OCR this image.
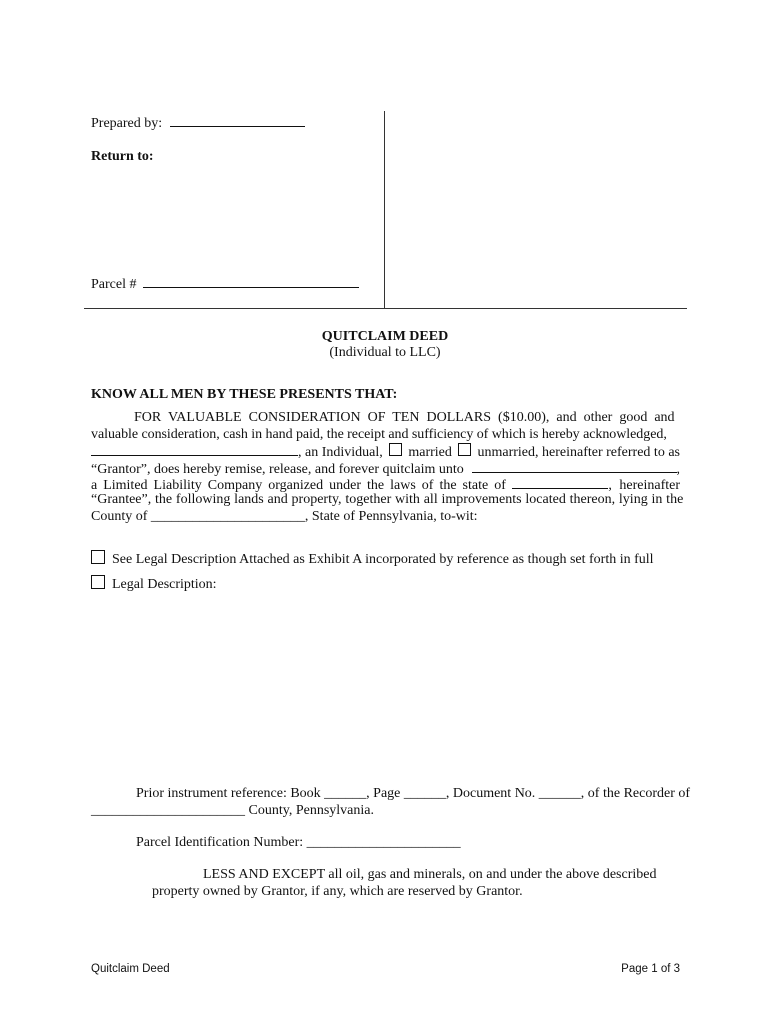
Prepared by:
Return to:
Parcel #
QUITCLAIM DEED
(Individual to LLC)
KNOW ALL MEN BY THESE PRESENTS THAT:
FOR VALUABLE CONSIDERATION OF TEN DOLLARS ($10.00), and other good and
valuable consideration, cash in hand paid, the receipt and sufficiency of which is hereby acknowledged,
, an Individual, married unmarried, hereinafter referred to as
“Grantor”, does hereby remise, release, and forever quitclaim unto	,
a Limited Liability Company organized under the laws of the state of	, hereinafter
“Grantee”, the following lands and property, together with all improvements located thereon, lying in the
County of ______________________, State of Pennsylvania, to-wit:
See Legal Description Attached as Exhibit A incorporated by reference as though set forth in full
Legal Description:
Prior instrument reference: Book ______, Page ______, Document No. ______, of the Recorder of
______________________ County, Pennsylvania.
Parcel Identification Number: ______________________
LESS AND EXCEPT all oil, gas and minerals, on and under the above described
property owned by Grantor, if any, which are reserved by Grantor.
Quitclaim Deed	Page 1 of 3
